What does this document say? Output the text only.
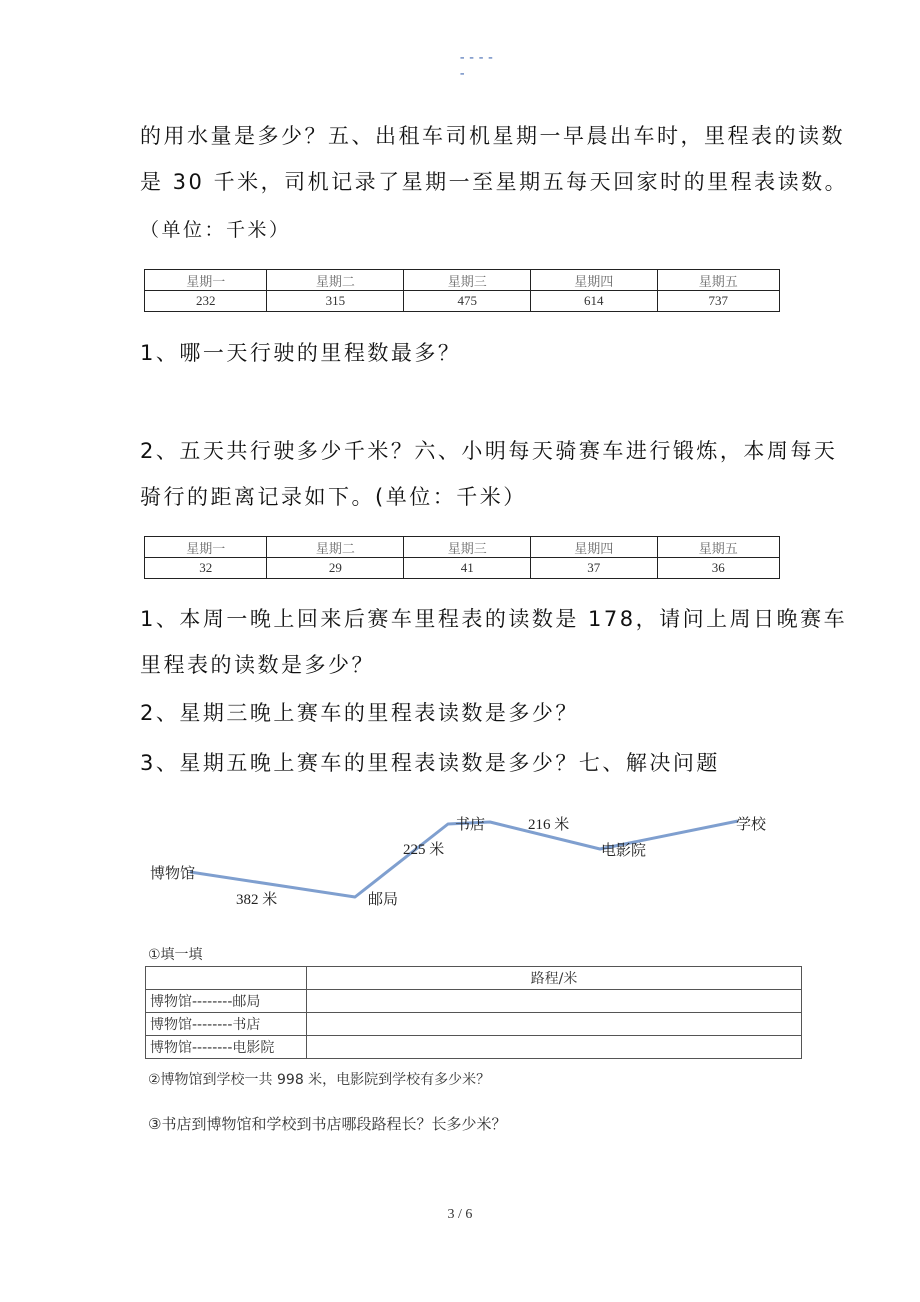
-----
的用水量是多少？五、出租车司机星期一早晨出车时，里程表的读数
是 30 千米，司机记录了星期一至星期五每天回家时的里程表读数。
（单位：千米）
星期一	星期二	星期三	星期四	星期五
232	315	475	614	737
1、哪一天行驶的里程数最多？
2、五天共行驶多少千米？六、小明每天骑赛车进行锻炼，本周每天
骑行的距离记录如下。(单位：千米）
星期一	星期二	星期三	星期四	星期五
32	29	41	37	36
1、本周一晚上回来后赛车里程表的读数是 178，请问上周日晚赛车
里程表的读数是多少？
2、星期三晚上赛车的里程表读数是多少？
3、星期五晚上赛车的里程表读数是多少？七、解决问题
博物馆
邮局
书店
电影院
学校
382 米
225 米
216 米
①填一填
	路程/米
博物馆--------邮局	
博物馆--------书店	
博物馆--------电影院	
②博物馆到学校一共 998 米，电影院到学校有多少米？
③书店到博物馆和学校到书店哪段路程长？长多少米？
3 / 6
